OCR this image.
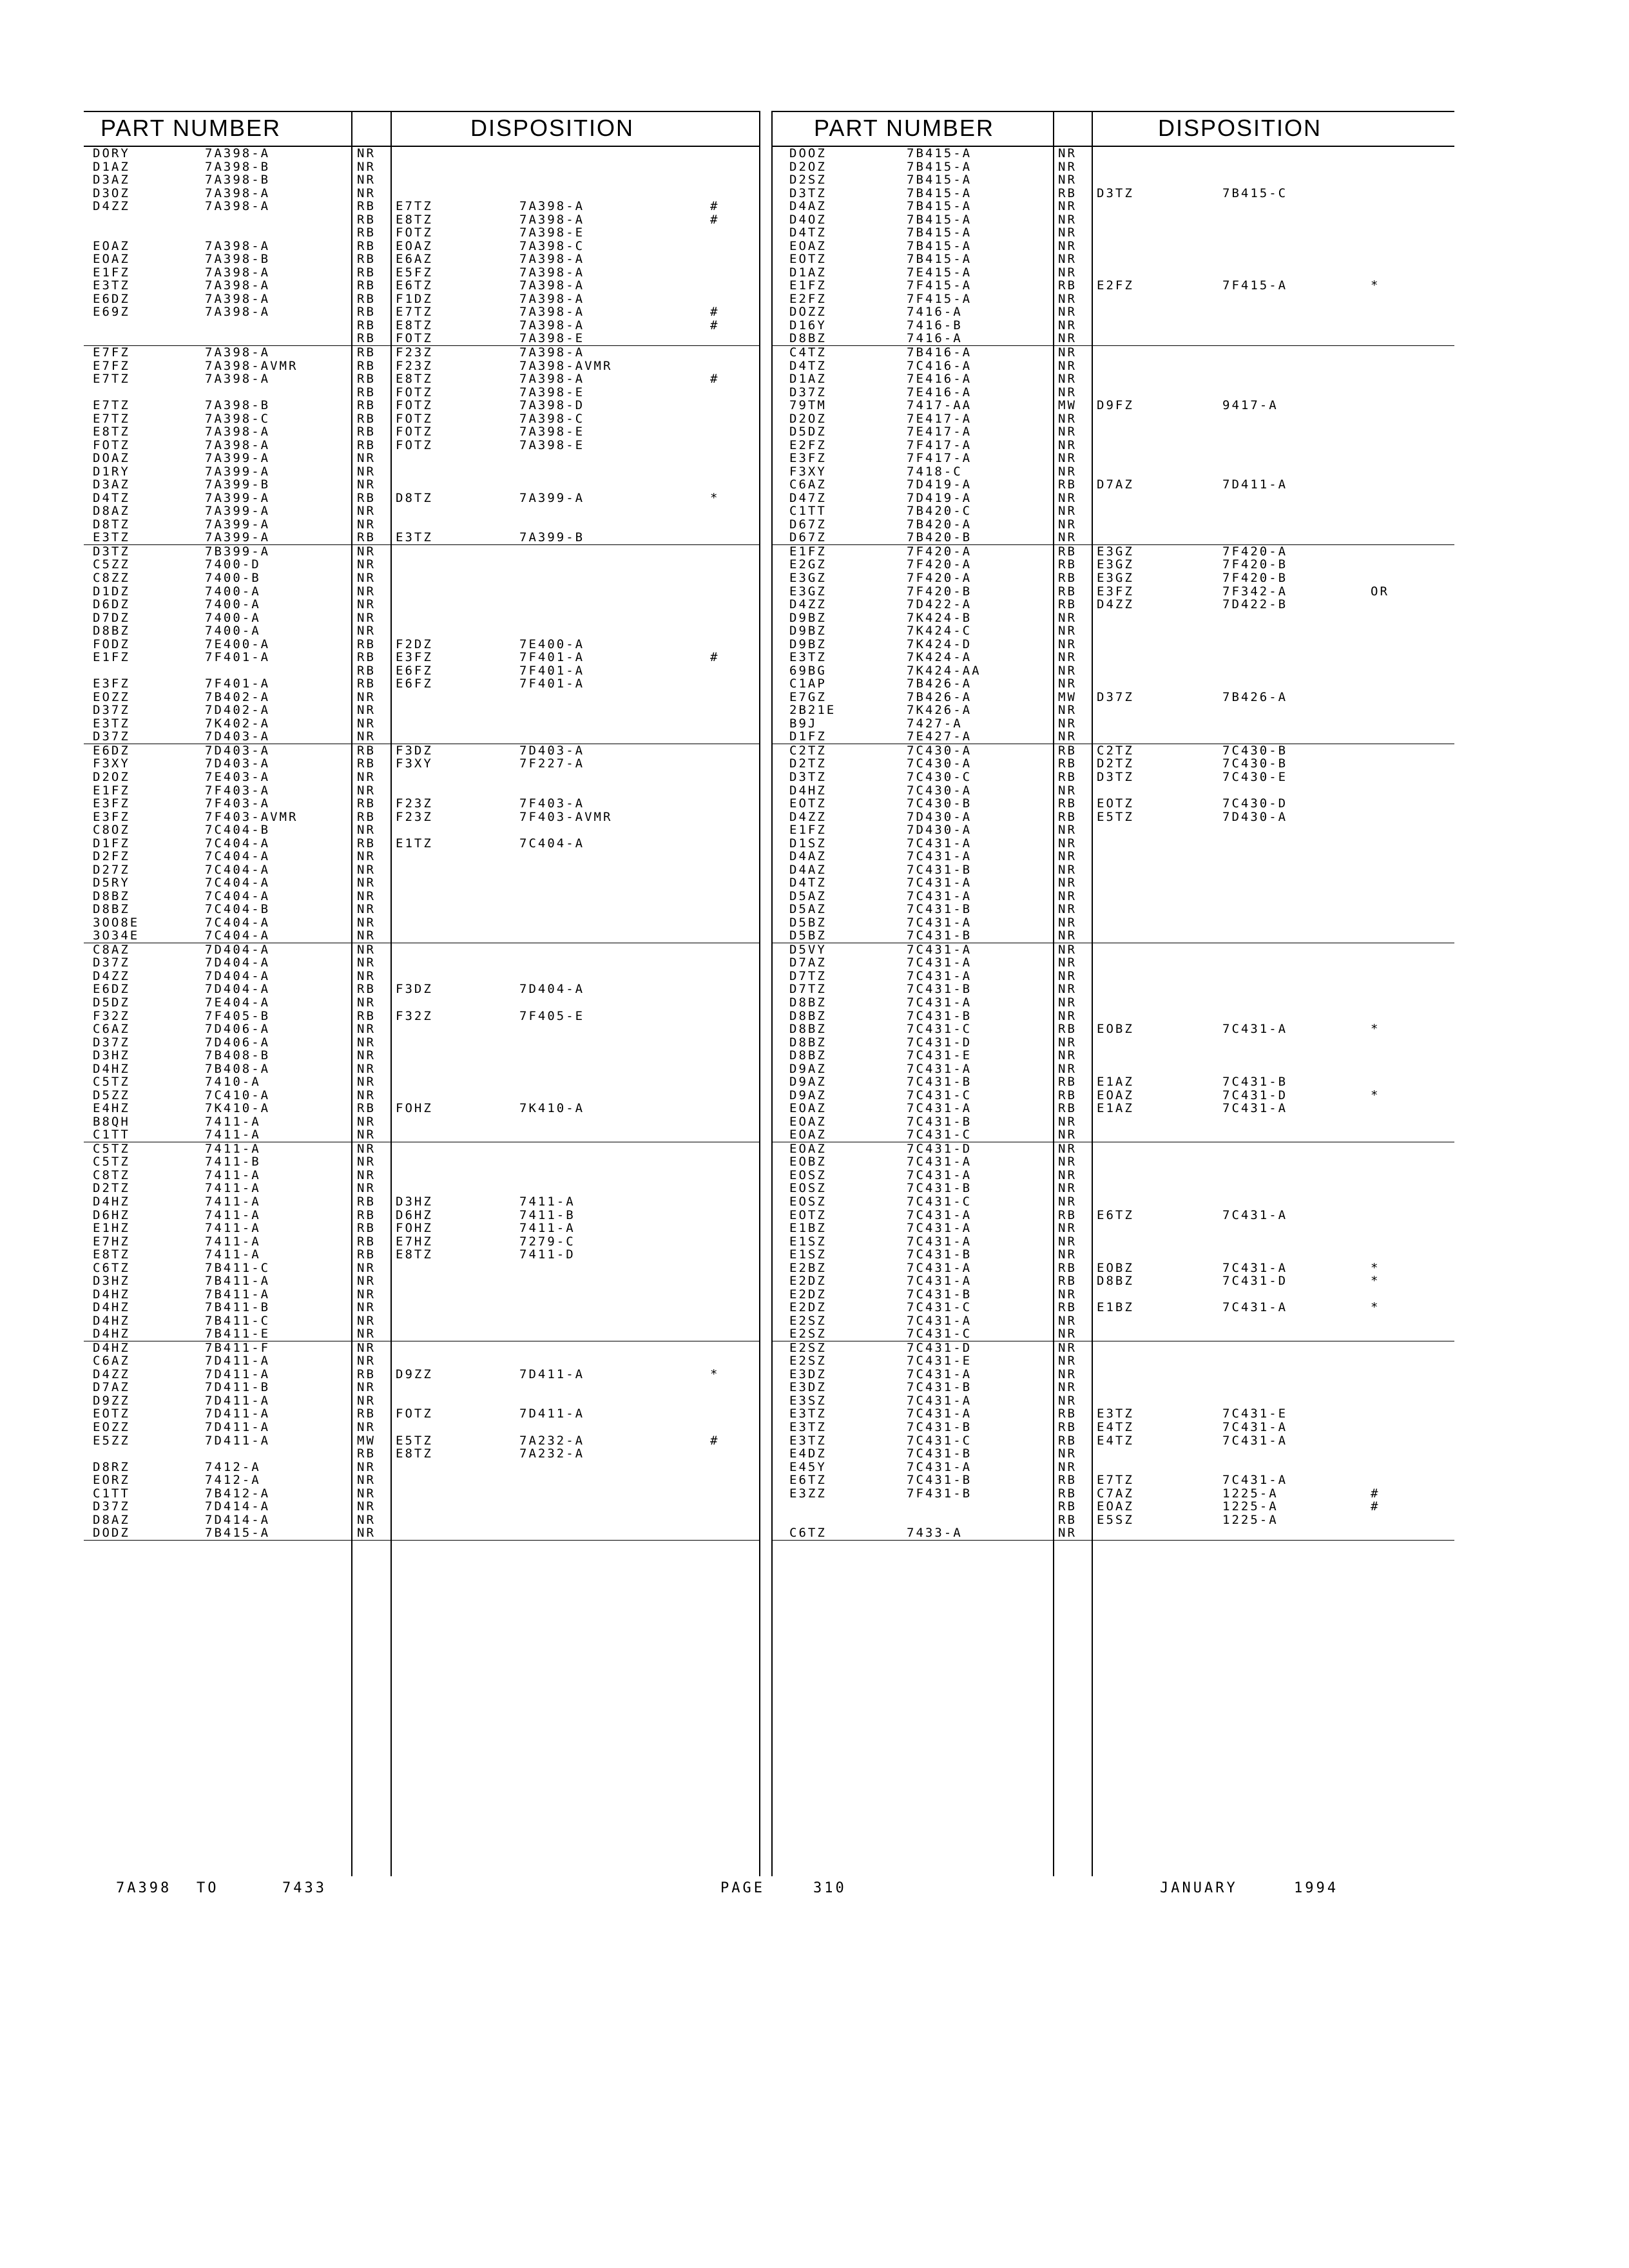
PART NUMBER	DISPOSITION
DORY	7A398-A	NR
D1AZ	7A398-B	NR
D3AZ	7A398-B	NR
D3OZ	7A398-A	NR
D4ZZ	7A398-A	RB E7TZ	7A398-A	#
RB E8TZ	7A398-A	#
RB FOTZ	7A398-E
EOAZ	7A398-A	RB EOAZ	7A398-C
EOAZ	7A398-B	RB E6AZ	7A398-A
E1FZ	7A398-A	RB E5FZ	7A398-A
E3TZ	7A398-A	RB E6TZ	7A398-A
E6DZ	7A398-A	RB F1DZ	7A398-A
E69Z	7A398-A	RB E7TZ	7A398-A	#
RB E8TZ	7A398-A	#
RB FOTZ	7A398-E
E7FZ	7A398-A	RB F23Z	7A398-A
E7FZ	7A398-AVMR	RB F23Z	7A398-AVMR
E7TZ	7A398-A	RB E8TZ	7A398-A	#
RB FOTZ	7A398-E
E7TZ	7A398-B	RB FOTZ	7A398-D
E7TZ	7A398-C	RB FOTZ	7A398-C
E8TZ	7A398-A	RB FOTZ	7A398-E
FOTZ	7A398-A	RB FOTZ	7A398-E
DOAZ	7A399-A	NR
D1RY	7A399-A	NR
D3AZ	7A399-B	NR
D4TZ	7A399-A	RB D8TZ	7A399-A	*
D8AZ	7A399-A	NR
D8TZ	7A399-A	NR
E3TZ	7A399-A	RB E3TZ	7A399-B
D3TZ	7B399-A	NR
C5ZZ	7400-D	NR
C8ZZ	7400-B	NR
D1DZ	7400-A	NR
D6DZ	7400-A	NR
D7DZ	7400-A	NR
D8BZ	7400-A	NR
FODZ	7E400-A	RB F2DZ	7E400-A
E1FZ	7F401-A	RB E3FZ	7F401-A	#
RB E6FZ	7F401-A
E3FZ	7F401-A	RB E6FZ	7F401-A
EOZZ	7B402-A	NR
D37Z	7D402-A	NR
E3TZ	7K402-A	NR
D37Z	7D403-A	NR
E6DZ	7D403-A	RB F3DZ	7D403-A
F3XY	7D403-A	RB F3XY	7F227-A
D2OZ	7E403-A	NR
E1FZ	7F403-A	NR
E3FZ	7F403-A	RB F23Z	7F403-A
E3FZ	7F403-AVMR	RB F23Z	7F403-AVMR
C8OZ	7C404-B	NR
D1FZ	7C404-A	RB E1TZ	7C404-A
D2FZ	7C404-A	NR
D27Z	7C404-A	NR
D5RY	7C404-A	NR
D8BZ	7C404-A	NR
D8BZ	7C404-B	NR
3OO8E	7C404-A	NR
3O34E	7C404-A	NR
C8AZ	7D404-A	NR
D37Z	7D404-A	NR
D4ZZ	7D404-A	NR
E6DZ	7D404-A	RB F3DZ	7D404-A
D5DZ	7E404-A	NR
F32Z	7F405-B	RB F32Z	7F405-E
C6AZ	7D406-A	NR
D37Z	7D406-A	NR
D3HZ	7B408-B	NR
D4HZ	7B408-A	NR
C5TZ	7410-A	NR
D5ZZ	7C410-A	NR
E4HZ	7K410-A	RB FOHZ	7K410-A
B8QH	7411-A	NR
C1TT	7411-A	NR
C5TZ	7411-A	NR
C5TZ	7411-B	NR
C8TZ	7411-A	NR
D2TZ	7411-A	NR
D4HZ	7411-A	RB D3HZ	7411-A
D6HZ	7411-A	RB D6HZ	7411-B
E1HZ	7411-A	RB FOHZ	7411-A
E7HZ	7411-A	RB E7HZ	7279-C
E8TZ	7411-A	RB E8TZ	7411-D
C6TZ	7B411-C	NR
D3HZ	7B411-A	NR
D4HZ	7B411-A	NR
D4HZ	7B411-B	NR
D4HZ	7B411-C	NR
D4HZ	7B411-E	NR
D4HZ	7B411-F	NR
C6AZ	7D411-A	NR
D4ZZ	7D411-A	RB D9ZZ	7D411-A	*
D7AZ	7D411-B	NR
D9ZZ	7D411-A	NR
EOTZ	7D411-A	RB FOTZ	7D411-A
EOZZ	7D411-A	NR
E5ZZ	7D411-A	MW E5TZ	7A232-A	#
RB E8TZ	7A232-A
D8RZ	7412-A	NR
EORZ	7412-A	NR
C1TT	7B412-A	NR
D37Z	7D414-A	NR
D8AZ	7D414-A	NR
DODZ	7B415-A	NR
PART NUMBER	DISPOSITION
DOOZ	7B415-A	NR
D2OZ	7B415-A	NR
D2SZ	7B415-A	NR
D3TZ	7B415-A	RB D3TZ	7B415-C
D4AZ	7B415-A	NR
D4OZ	7B415-A	NR
D4TZ	7B415-A	NR
EOAZ	7B415-A	NR
EOTZ	7B415-A	NR
D1AZ	7E415-A	NR
E1FZ	7F415-A	RB E2FZ	7F415-A	*
E2FZ	7F415-A	NR
DOZZ	7416-A	NR
D16Y	7416-B	NR
D8BZ	7416-A	NR
C4TZ	7B416-A	NR
D4TZ	7C416-A	NR
D1AZ	7E416-A	NR
D37Z	7E416-A	NR
79TM	7417-AA	MW D9FZ	9417-A
D2OZ	7E417-A	NR
D5DZ	7E417-A	NR
E2FZ	7F417-A	NR
E3FZ	7F417-A	NR
F3XY	7418-C	NR
C6AZ	7D419-A	RB D7AZ	7D411-A
D47Z	7D419-A	NR
C1TT	7B420-C	NR
D67Z	7B420-A	NR
D67Z	7B420-B	NR
E1FZ	7F420-A	RB E3GZ	7F420-A
E2GZ	7F420-A	RB E3GZ	7F420-B
E3GZ	7F420-A	RB E3GZ	7F420-B
E3GZ	7F420-B	RB E3FZ	7F342-A	OR
D4ZZ	7D422-A	RB D4ZZ	7D422-B
D9BZ	7K424-B	NR
D9BZ	7K424-C	NR
D9BZ	7K424-D	NR
E3TZ	7K424-A	NR
69BG	7K424-AA	NR
C1AP	7B426-A	NR
E7GZ	7B426-A	MW D37Z	7B426-A
2B21E	7K426-A	NR
B9J	7427-A	NR
D1FZ	7E427-A	NR
C2TZ	7C430-A	RB C2TZ	7C430-B
D2TZ	7C430-A	RB D2TZ	7C430-B
D3TZ	7C430-C	RB D3TZ	7C430-E
D4HZ	7C430-A	NR
EOTZ	7C430-B	RB EOTZ	7C430-D
D4ZZ	7D430-A	RB E5TZ	7D430-A
E1FZ	7D430-A	NR
D1SZ	7C431-A	NR
D4AZ	7C431-A	NR
D4AZ	7C431-B	NR
D4TZ	7C431-A	NR
D5AZ	7C431-A	NR
D5AZ	7C431-B	NR
D5BZ	7C431-A	NR
D5BZ	7C431-B	NR
D5VY	7C431-A	NR
D7AZ	7C431-A	NR
D7TZ	7C431-A	NR
D7TZ	7C431-B	NR
D8BZ	7C431-A	NR
D8BZ	7C431-B	NR
D8BZ	7C431-C	RB EOBZ	7C431-A	*
D8BZ	7C431-D	NR
D8BZ	7C431-E	NR
D9AZ	7C431-A	NR
D9AZ	7C431-B	RB E1AZ	7C431-B
D9AZ	7C431-C	RB EOAZ	7C431-D	*
EOAZ	7C431-A	RB E1AZ	7C431-A
EOAZ	7C431-B	NR
EOAZ	7C431-C	NR
EOAZ	7C431-D	NR
EOBZ	7C431-A	NR
EOSZ	7C431-A	NR
EOSZ	7C431-B	NR
EOSZ	7C431-C	NR
EOTZ	7C431-A	RB E6TZ	7C431-A
E1BZ	7C431-A	NR
E1SZ	7C431-A	NR
E1SZ	7C431-B	NR
E2BZ	7C431-A	RB EOBZ	7C431-A	*
E2DZ	7C431-A	RB D8BZ	7C431-D	*
E2DZ	7C431-B	NR
E2DZ	7C431-C	RB E1BZ	7C431-A	*
E2SZ	7C431-A	NR
E2SZ	7C431-C	NR
E2SZ	7C431-D	NR
E2SZ	7C431-E	NR
E3DZ	7C431-A	NR
E3DZ	7C431-B	NR
E3SZ	7C431-A	NR
E3TZ	7C431-A	RB E3TZ	7C431-E
E3TZ	7C431-B	RB E4TZ	7C431-A
E3TZ	7C431-C	RB E4TZ	7C431-A
E4DZ	7C431-B	NR
E45Y	7C431-A	NR
E6TZ	7C431-B	RB E7TZ	7C431-A
E3ZZ	7F431-B	RB C7AZ	1225-A	#
RB EOAZ	1225-A	#
RB E5SZ	1225-A
C6TZ	7433-A	NR
7A398 TO	7433	PAGE	310	JANUARY	1994
